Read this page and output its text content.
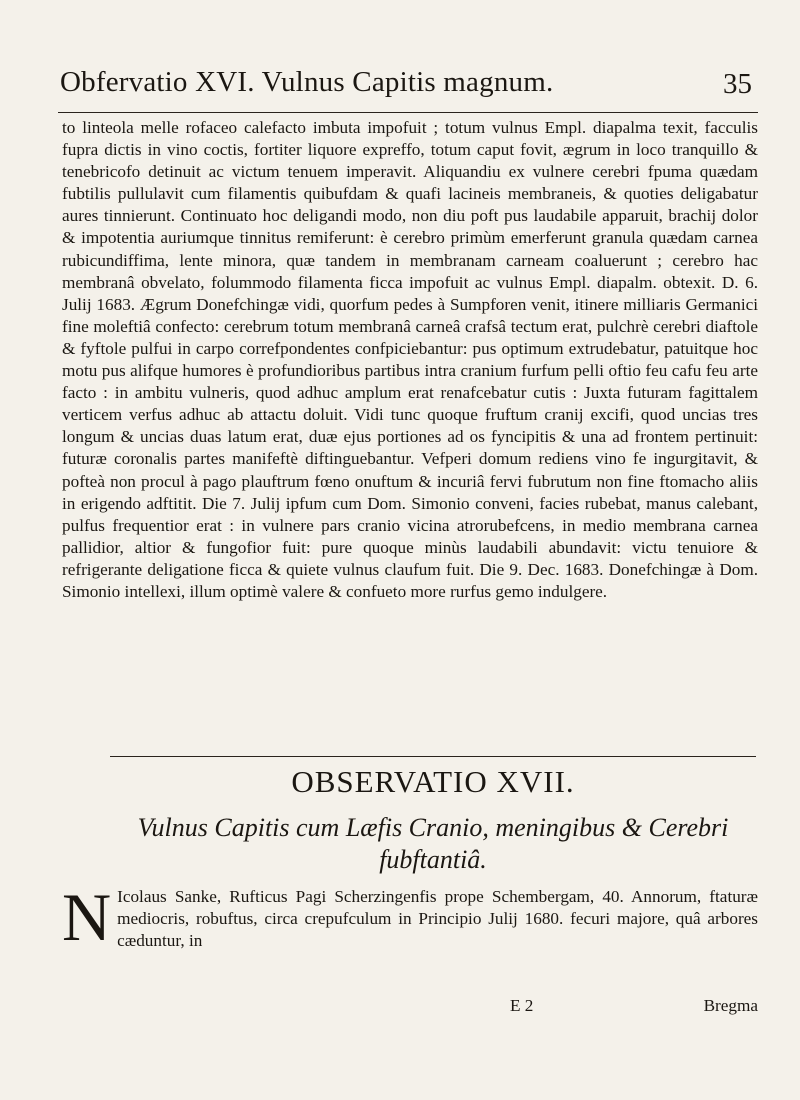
Obfervatio XVI. Vulnus Capitis magnum.	35

to linteola melle rofaceo calefacto imbuta impofuit ; totum vulnus Empl. diapalma texit, facculis fupra dictis in vino coctis, fortiter liquore expreffo, totum caput fovit, ægrum in loco tranquillo & tenebricofo detinuit ac victum tenuem imperavit. Aliquandiu ex vulnere cerebri fpuma quædam fubtilis pullulavit cum filamentis quibufdam & quafi lacineis membraneis, & quoties deligabatur aures tinnierunt. Continuato hoc deligandi modo, non diu poft pus laudabile apparuit, brachij dolor & impotentia auriumque tinnitus remiferunt: è cerebro primùm emerferunt granula quædam carnea rubicundiffima, lente minora, quæ tandem in membranam carneam coaluerunt ; cerebro hac membranâ obvelato, folummodo filamenta ficca impofuit ac vulnus Empl. diapalm. obtexit. D. 6. Julij 1683. Ægrum Donefchingæ vidi, quorfum pedes à Sumpforen venit, itinere milliaris Germanici fine moleftiâ confecto: cerebrum totum membranâ carneâ crafsâ tectum erat, pulchrè cerebri diaftole & fyftole pulfui in carpo correfpondentes confpiciebantur: pus optimum extrudebatur, patuitque hoc motu pus alifque humores è profundioribus partibus intra cranium furfum pelli oftio feu cafu feu arte facto : in ambitu vulneris, quod adhuc amplum erat renafcebatur cutis : Juxta futuram fagittalem verticem verfus adhuc ab attactu doluit. Vidi tunc quoque fruftum cranij excifi, quod uncias tres longum & uncias duas latum erat, duæ ejus portiones ad os fyncipitis & una ad frontem pertinuit: futuræ coronalis partes manifeftè diftinguebantur. Vefperi domum rediens vino fe ingurgitavit, & pofteà non procul à pago plauftrum fœno onuftum & incuriâ fervi fubrutum non fine ftomacho aliis in erigendo adftitit. Die 7. Julij ipfum cum Dom. Simonio conveni, facies rubebat, manus calebant, pulfus frequentior erat : in vulnere pars cranio vicina atrorubefcens, in medio membrana carnea pallidior, altior & fungofior fuit: pure quoque minùs laudabili abundavit: victu tenuiore & refrigerante deligatione ficca & quiete vulnus claufum fuit. Die 9. Dec. 1683. Donefchingæ à Dom. Simonio intellexi, illum optimè valere & confueto more rurfus gemo indulgere.

OBSERVATIO XVII.
Vulnus Capitis cum Læfis Cranio, meningibus & Cerebri fubftantiâ.

N Icolaus Sanke, Rufticus Pagi Scherzingenfis prope Schembergam, 40. Annorum, ftaturæ mediocris, robuftus, circa crepufculum in Principio Julij 1680. fecuri majore, quâ arbores cæduntur, in

E 2	Bregma
